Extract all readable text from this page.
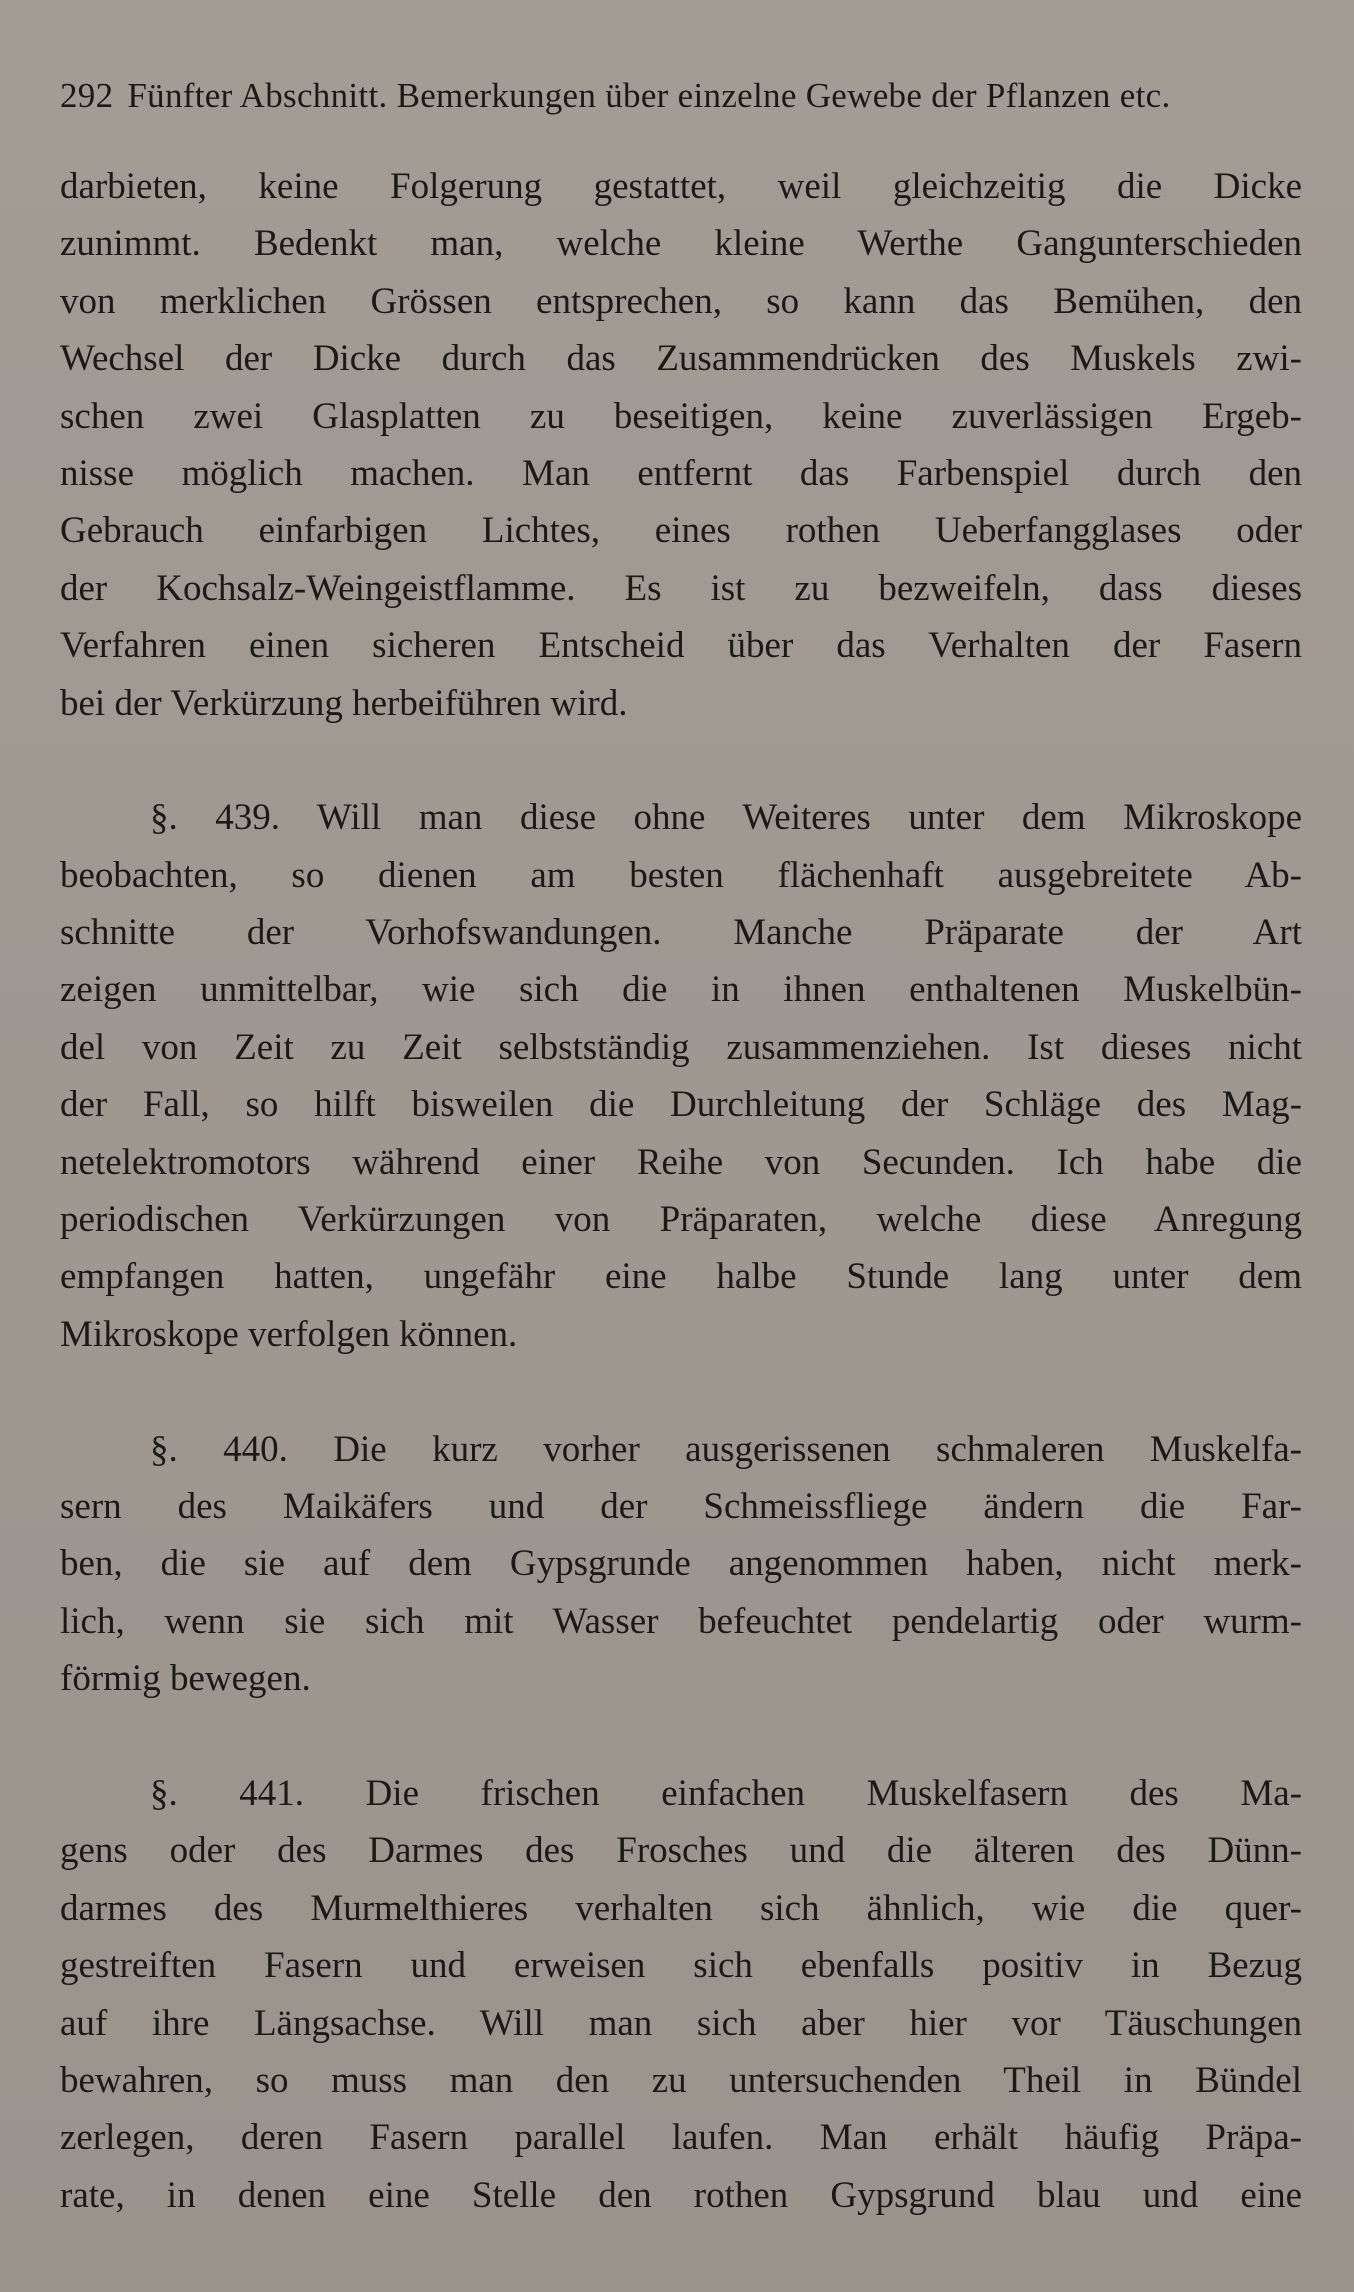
292 Fünfter Abschnitt. Bemerkungen über einzelne Gewebe der Pflanzen etc.
darbieten, keine Folgerung gestattet, weil gleichzeitig die Dicke
zunimmt. Bedenkt man, welche kleine Werthe Gangunterschieden
von merklichen Grössen entsprechen, so kann das Bemühen, den
Wechsel der Dicke durch das Zusammendrücken des Muskels zwi-
schen zwei Glasplatten zu beseitigen, keine zuverlässigen Ergeb-
nisse möglich machen. Man entfernt das Farbenspiel durch den
Gebrauch einfarbigen Lichtes, eines rothen Ueberfangglases oder
der Kochsalz-Weingeistflamme. Es ist zu bezweifeln, dass dieses
Verfahren einen sicheren Entscheid über das Verhalten der Fasern
bei der Verkürzung herbeiführen wird.
§. 439. Will man diese ohne Weiteres unter dem Mikroskope
beobachten, so dienen am besten flächenhaft ausgebreitete Ab-
schnitte der Vorhofswandungen. Manche Präparate der Art
zeigen unmittelbar, wie sich die in ihnen enthaltenen Muskelbün-
del von Zeit zu Zeit selbstständig zusammenziehen. Ist dieses nicht
der Fall, so hilft bisweilen die Durchleitung der Schläge des Mag-
netelektromotors während einer Reihe von Secunden. Ich habe die
periodischen Verkürzungen von Präparaten, welche diese Anregung
empfangen hatten, ungefähr eine halbe Stunde lang unter dem
Mikroskope verfolgen können.
§. 440. Die kurz vorher ausgerissenen schmaleren Muskelfa-
sern des Maikäfers und der Schmeissfliege ändern die Far-
ben, die sie auf dem Gypsgrunde angenommen haben, nicht merk-
lich, wenn sie sich mit Wasser befeuchtet pendelartig oder wurm-
förmig bewegen.
§. 441. Die frischen einfachen Muskelfasern des Ma-
gens oder des Darmes des Frosches und die älteren des Dünn-
darmes des Murmelthieres verhalten sich ähnlich, wie die quer-
gestreiften Fasern und erweisen sich ebenfalls positiv in Bezug
auf ihre Längsachse. Will man sich aber hier vor Täuschungen
bewahren, so muss man den zu untersuchenden Theil in Bündel
zerlegen, deren Fasern parallel laufen. Man erhält häufig Präpa-
rate, in denen eine Stelle den rothen Gypsgrund blau und eine
